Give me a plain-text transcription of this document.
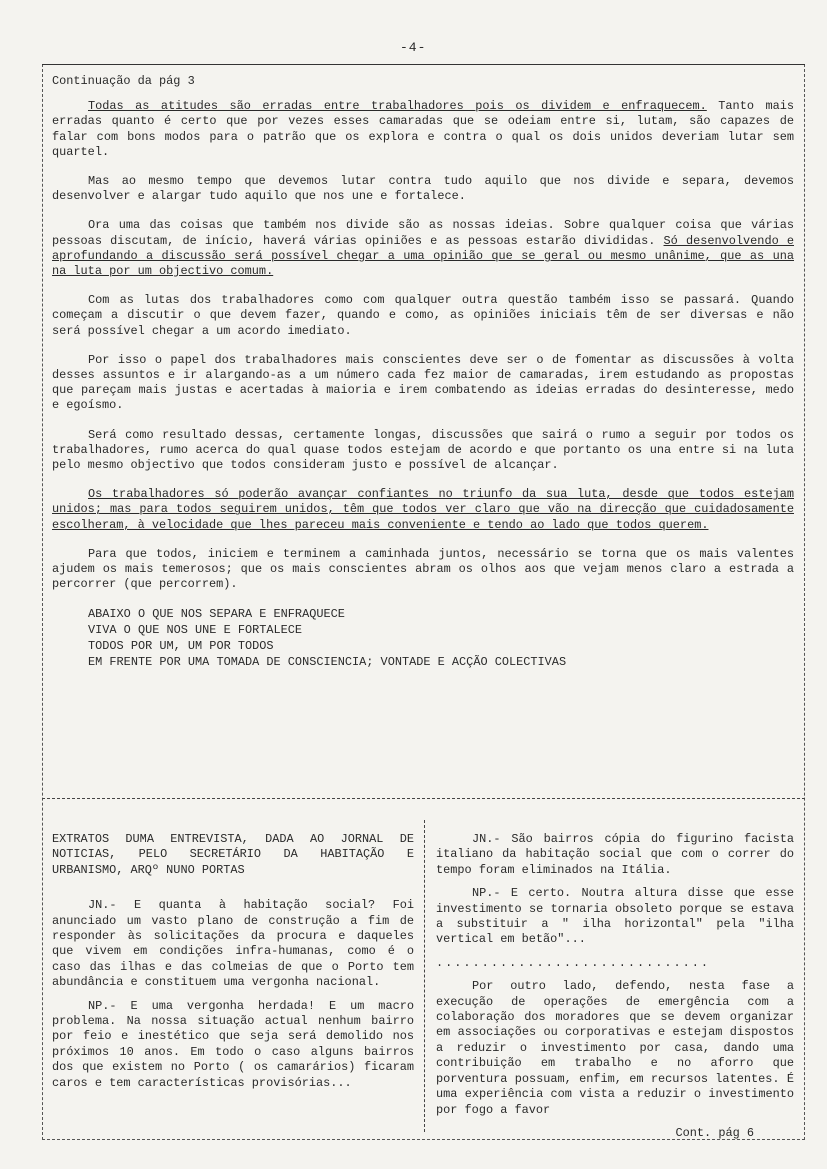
-4-
Continuação da pág 3
Todas as atitudes são erradas entre trabalhadores pois os dividem e enfraquecem. Tanto mais erradas quanto é certo que por vezes esses camaradas que se odeiam entre si, lutam, são capazes de falar com bons modos para o patrão que os explora e contra o qual os dois unidos deveriam lutar sem quartel.
Mas ao mesmo tempo que devemos lutar contra tudo aquilo que nos divide e separa, devemos desenvolver e alargar tudo aquilo que nos une e fortalece.
Ora uma das coisas que também nos divide são as nossas ideias. Sobre qualquer coisa que várias pessoas discutam, de início, haverá várias opiniões e as pessoas estarão divididas. Só desenvolvendo e aprofundando a discussão será possível chegar a uma opinião que se geral ou mesmo unânime, que as una na luta por um objectivo comum.
Com as lutas dos trabalhadores como com qualquer outra questão também isso se passará. Quando começam a discutir o que devem fazer, quando e como, as opiniões iniciais têm de ser diversas e não será possível chegar a um acordo imediato.
Por isso o papel dos trabalhadores mais conscientes deve ser o de fomentar as discussões à volta desses assuntos e ir alargando-as a um número cada fez maior de camaradas, irem estudando as propostas que pareçam mais justas e acertadas à maioria e irem combatendo as ideias erradas do desinteresse, medo e egoísmo.
Será como resultado dessas, certamente longas, discussões que sairá o rumo a seguir por todos os trabalhadores, rumo acerca do qual quase todos estejam de acordo e que portanto os una entre si na luta pelo mesmo objectivo que todos consideram justo e possível de alcançar.
Os trabalhadores só poderão avançar confiantes no triunfo da sua luta, desde que todos estejam unidos; mas para todos seguirem unidos, têm que todos ver claro que vão na direcção que cuidadosamente escolheram, à velocidade que lhes pareceu mais conveniente e tendo ao lado que todos querem.
Para que todos, iniciem e terminem a caminhada juntos, necessário se torna que os mais valentes ajudem os mais temerosos; que os mais conscientes abram os olhos aos que vejam menos claro a estrada a percorrer (que percorrem).
ABAIXO O QUE NOS SEPARA E ENFRAQUECE
VIVA O QUE NOS UNE E FORTALECE
TODOS POR UM, UM POR TODOS
EM FRENTE POR UMA TOMADA DE CONSCIENCIA; VONTADE E ACÇÃO COLECTIVAS
EXTRATOS DUMA ENTREVISTA, DADA AO JORNAL DE NOTICIAS, PELO SECRETÁRIO DA HABITAÇÃO E URBANISMO, ARQº NUNO PORTAS
JN.- E quanta à habitação social? Foi anunciado um vasto plano de construção a fim de responder às solicitações da procura e daqueles que vivem em condições infra-humanas, como é o caso das ilhas e das colmeias de que o Porto tem abundância e constituem uma vergonha nacional.
NP.- E uma vergonha herdada! E um macro problema. Na nossa situação actual nenhum bairro por feio e inestético que seja será demolido nos próximos 10 anos. Em todo o caso alguns bairros dos que existem no Porto ( os camarários) ficaram caros e tem características provisórias...
JN.- São bairros cópia do figurino facista italiano da habitação social que com o correr do tempo foram eliminados na Itália.
NP.- E certo. Noutra altura disse que esse investimento se tornaria obsoleto porque se estava a substituir a " ilha horizontal" pela "ilha vertical em betão"...
..............................
Por outro lado, defendo, nesta fase a execução de operações de emergência com a colaboração dos moradores que se devem organizar em associações ou corporativas e estejam dispostos a reduzir o investimento por casa, dando uma contribuição em trabalho e no aforro que porventura possuam, enfim, em recursos latentes. É uma experiência com vista a reduzir o investimento por fogo a favor
Cont. pág 6
